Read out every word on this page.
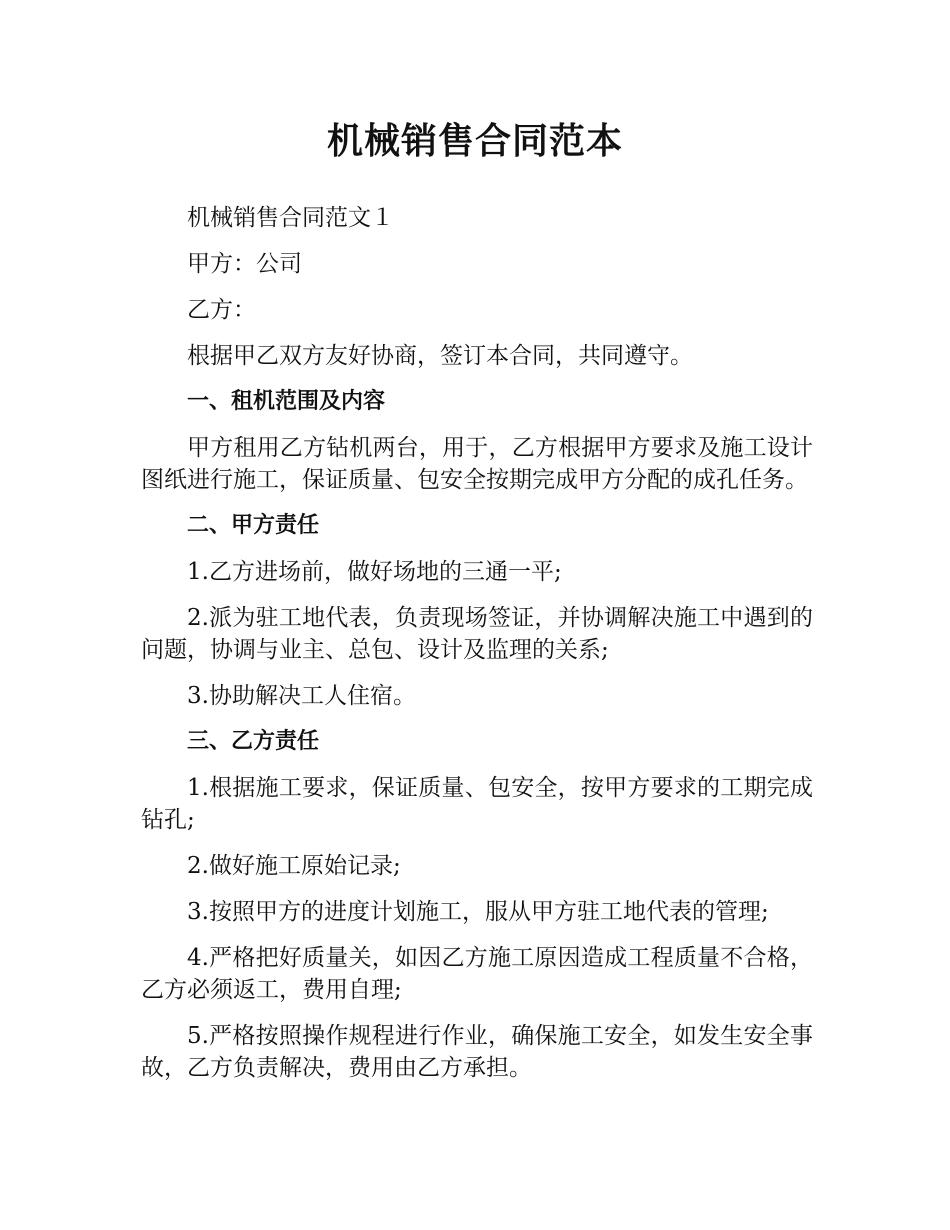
机械销售合同范本

机械销售合同范文１

甲方：公司

乙方：

根据甲乙双方友好协商，签订本合同，共同遵守。

一、租机范围及内容

甲方租用乙方钻机两台，用于，乙方根据甲方要求及施工设计图纸进行施工，保证质量、包安全按期完成甲方分配的成孔任务。

二、甲方责任

1.乙方进场前，做好场地的三通一平;

2.派为驻工地代表，负责现场签证，并协调解决施工中遇到的问题，协调与业主、总包、设计及监理的关系;

3.协助解决工人住宿。

三、乙方责任

1.根据施工要求，保证质量、包安全，按甲方要求的工期完成钻孔;

2.做好施工原始记录;

3.按照甲方的进度计划施工，服从甲方驻工地代表的管理;

4.严格把好质量关，如因乙方施工原因造成工程质量不合格，乙方必须返工，费用自理;

5.严格按照操作规程进行作业，确保施工安全，如发生安全事故，乙方负责解决，费用由乙方承担。
